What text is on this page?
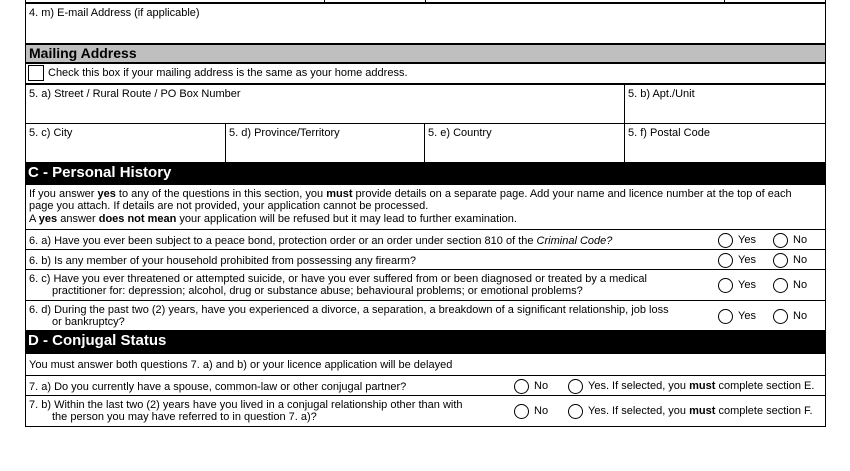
4. m) E-mail Address (if applicable)
Mailing Address
Check this box if your mailing address is the same as your home address.
5. a) Street / Rural Route / PO Box Number	5. b) Apt./Unit
5. c) City	5. d) Province/Territory	5. e) Country	5. f) Postal Code
C - Personal History
If you answer yes to any of the questions in this section, you must provide details on a separate page. Add your name and licence number at the top of each
page you attach. If details are not provided, your application cannot be processed.
A yes answer does not mean your application will be refused but it may lead to further examination.
6. a) Have you ever been subject to a peace bond, protection order or an order under section 810 of the Criminal Code?	Yes	No
6. b) Is any member of your household prohibited from possessing any firearm?	Yes	No
6. c) Have you ever threatened or attempted suicide, or have you ever suffered from or been diagnosed or treated by a medical
practitioner for: depression; alcohol, drug or substance abuse; behavioural problems; or emotional problems?	Yes	No
6. d) During the past two (2) years, have you experienced a divorce, a separation, a breakdown of a significant relationship, job loss
or bankruptcy?	Yes	No
D - Conjugal Status
You must answer both questions 7. a) and b) or your licence application will be delayed
7. a) Do you currently have a spouse, common-law or other conjugal partner?	No	Yes. If selected, you must complete section E.
7. b) Within the last two (2) years have you lived in a conjugal relationship other than with
the person you may have referred to in question 7. a)?	No	Yes. If selected, you must complete section F.
